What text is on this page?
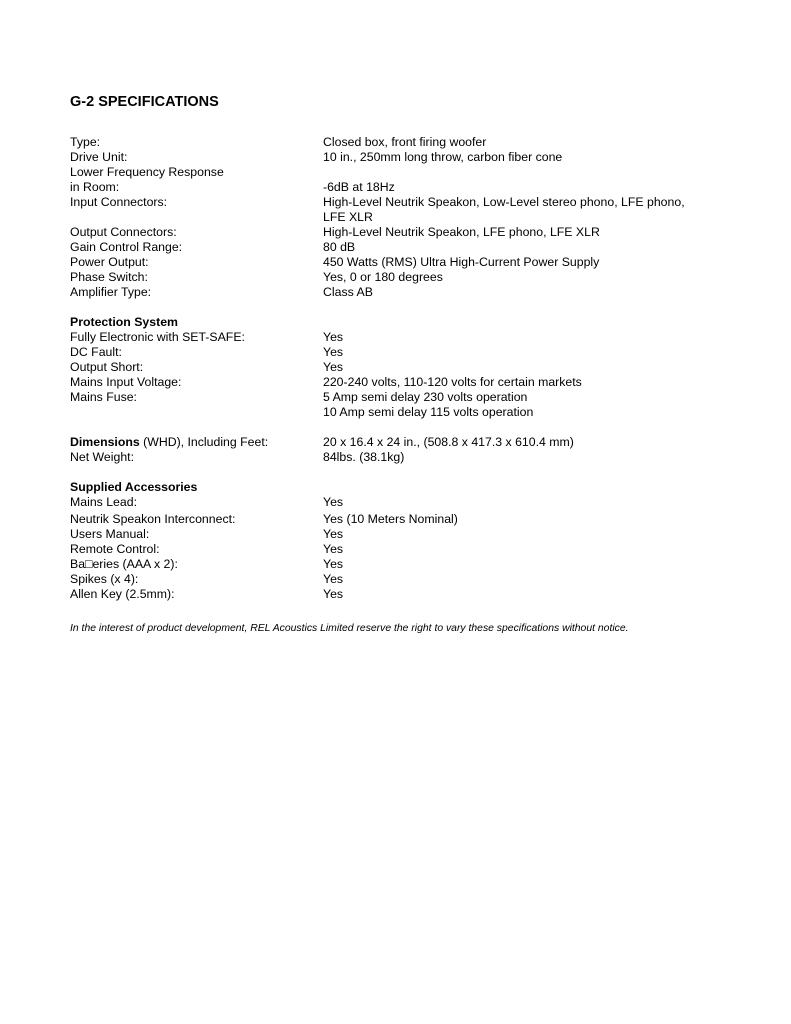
G-2 SPECIFICATIONS
Type:	Closed box, front firing woofer
Drive Unit:	10 in., 250mm long throw, carbon fiber cone
Lower Frequency Response
in Room:	-6dB at 18Hz
Input Connectors:	High-Level Neutrik Speakon, Low-Level stereo phono, LFE phono,
LFE XLR
Output Connectors:	High-Level Neutrik Speakon, LFE phono, LFE XLR
Gain Control Range:	80 dB
Power Output:	450 Watts (RMS) Ultra High-Current Power Supply
Phase Switch:	Yes, 0 or 180 degrees
Amplifier Type:	Class AB
Protection System
Fully Electronic with SET-SAFE:	Yes
DC Fault:	Yes
Output Short:	Yes
Mains Input Voltage:	220-240 volts, 110-120 volts for certain markets
Mains Fuse:	5 Amp semi delay 230 volts operation
10 Amp semi delay 115 volts operation
Dimensions (WHD), Including Feet:	20 x 16.4 x 24 in., (508.8 x 417.3 x 610.4 mm)
Net Weight:	84lbs. (38.1kg)
Supplied Accessories
Mains Lead:	Yes
Neutrik Speakon Interconnect:	Yes (10 Meters Nominal)
Users Manual:	Yes
Remote Control:	Yes
Ba□eries (AAA x 2):	Yes
Spikes (x 4):	Yes
Allen Key (2.5mm):	Yes
In the interest of product development, REL Acoustics Limited reserve the right to vary these specifications without notice.
